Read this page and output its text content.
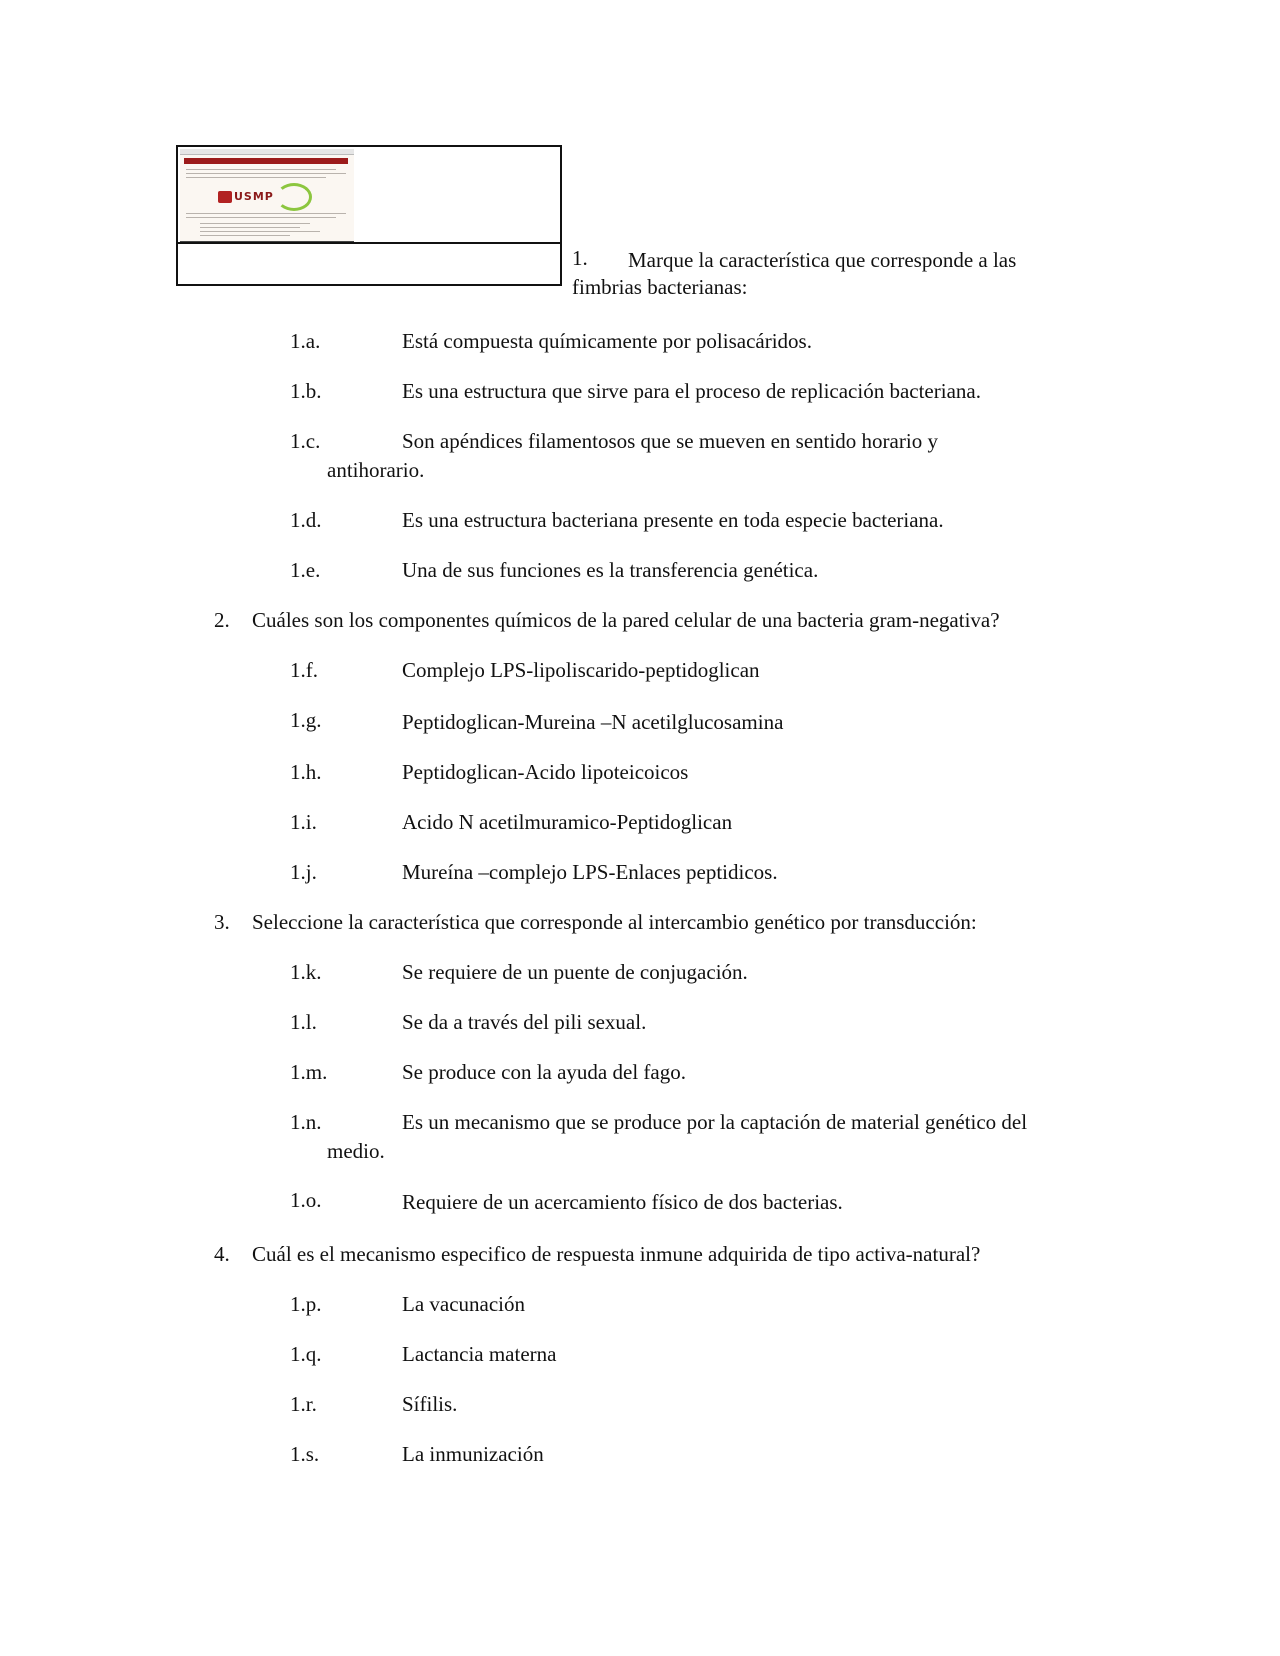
USMP
1. Marque la característica que corresponde a las
fimbrias bacterianas:
1.a.	Está compuesta químicamente por polisacáridos.
1.b.	Es una estructura que sirve para el proceso de replicación bacteriana.
1.c.	Son apéndices filamentosos que se mueven en sentido horario y
antihorario.
1.d.	Es una estructura bacteriana presente en toda especie bacteriana.
1.e.	Una de sus funciones es la transferencia genética.
2. Cuáles son los componentes químicos de la pared celular de una bacteria gram-negativa?
1.f.	Complejo LPS-lipoliscarido-peptidoglican
1.g.	Peptidoglican-Mureina –N acetilglucosamina
1.h.	Peptidoglican-Acido lipoteicoicos
1.i.	Acido N acetilmuramico-Peptidoglican
1.j.	Mureína –complejo LPS-Enlaces peptidicos.
3. Seleccione la característica que corresponde al intercambio genético por transducción:
1.k.	Se requiere de un puente de conjugación.
1.l.	Se da a través del pili sexual.
1.m.	Se produce con la ayuda del fago.
1.n.	Es un mecanismo que se produce por la captación de material genético del
medio.
1.o.	Requiere de un acercamiento físico de dos bacterias.
4. Cuál es el mecanismo especifico de respuesta inmune adquirida de tipo activa-natural?
1.p.	La vacunación
1.q.	Lactancia materna
1.r.	Sífilis.
1.s.	La inmunización
